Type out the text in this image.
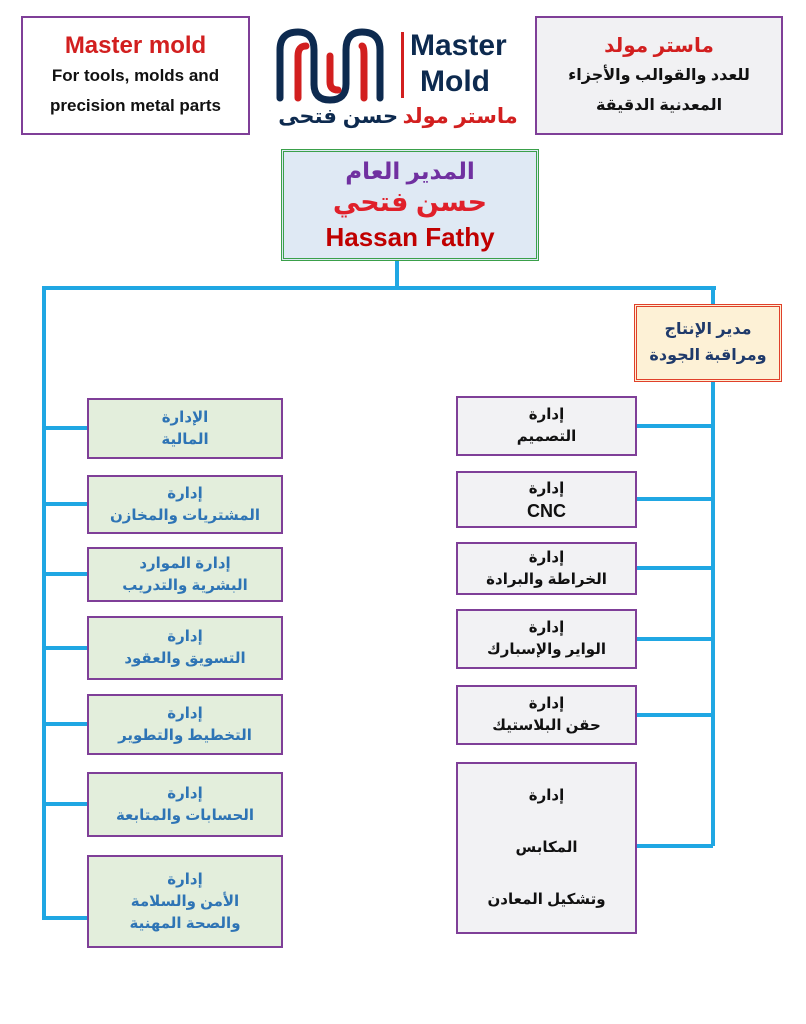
Master mold
For tools, molds and
precision metal parts
Master
Mold
ماستر مولد حسن فتحى
ماستر مولد
للعدد والقوالب والأجزاء
المعدنية الدقيقة
المدير العام
حسن فتحي
Hassan Fathy
مدير الإنتاج
ومراقبة الجودة
الإدارة
المالية
إدارة
المشتريات والمخازن
إدارة الموارد
البشرية والتدريب
إدارة
التسويق والعقود
إدارة
التخطيط والتطوير
إدارة
الحسابات والمتابعة
إدارة
الأمن والسلامة
والصحة المهنية
إدارة
التصميم
إدارة
CNC
إدارة
الخراطة والبرادة
إدارة
الواير والإسبارك
إدارة
حقن البلاستيك
إدارة
المكابس
وتشكيل المعادن
